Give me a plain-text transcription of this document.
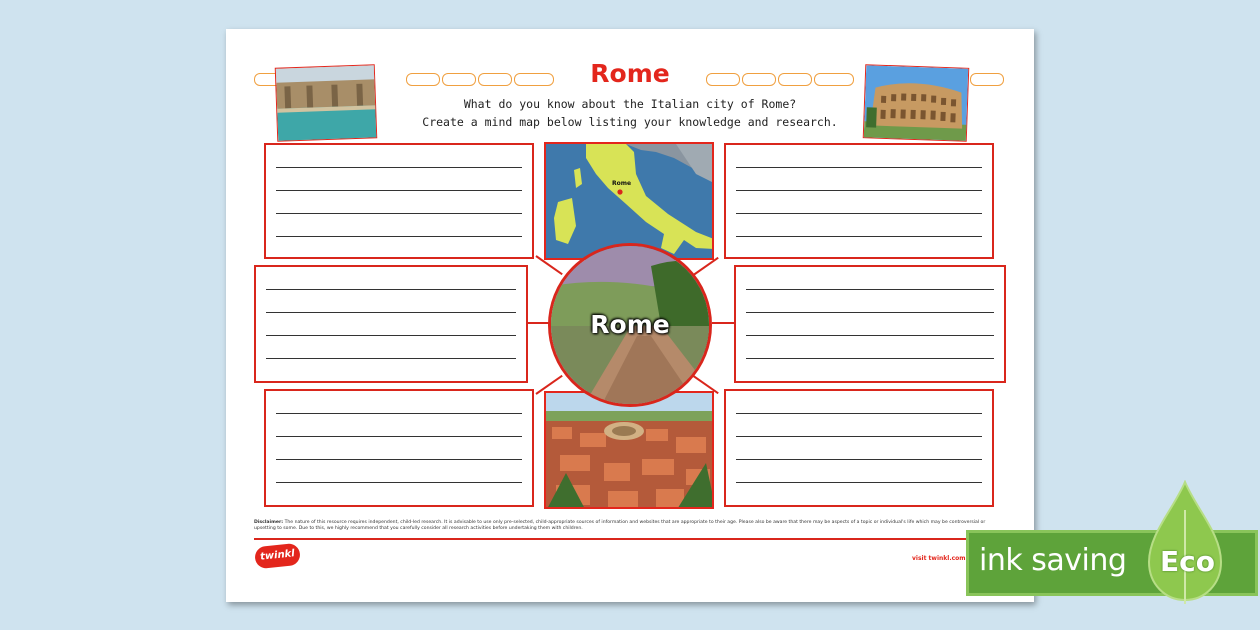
Rome
What do you know about the Italian city of Rome?
Create a mind map below listing your knowledge and research.
Rome
Rome
Disclaimer: The nature of this resource requires independent, child-led research. It is advisable to use only pre-selected, child-appropriate sources of information and websites that are appropriate to their age. Please also be aware that there may be aspects of a topic or individual's life which may be controversial or upsetting to some. Due to this, we highly recommend that you carefully consider all research activities before undertaking them with children.
twinkl	visit twinkl.com ink saving Eco
